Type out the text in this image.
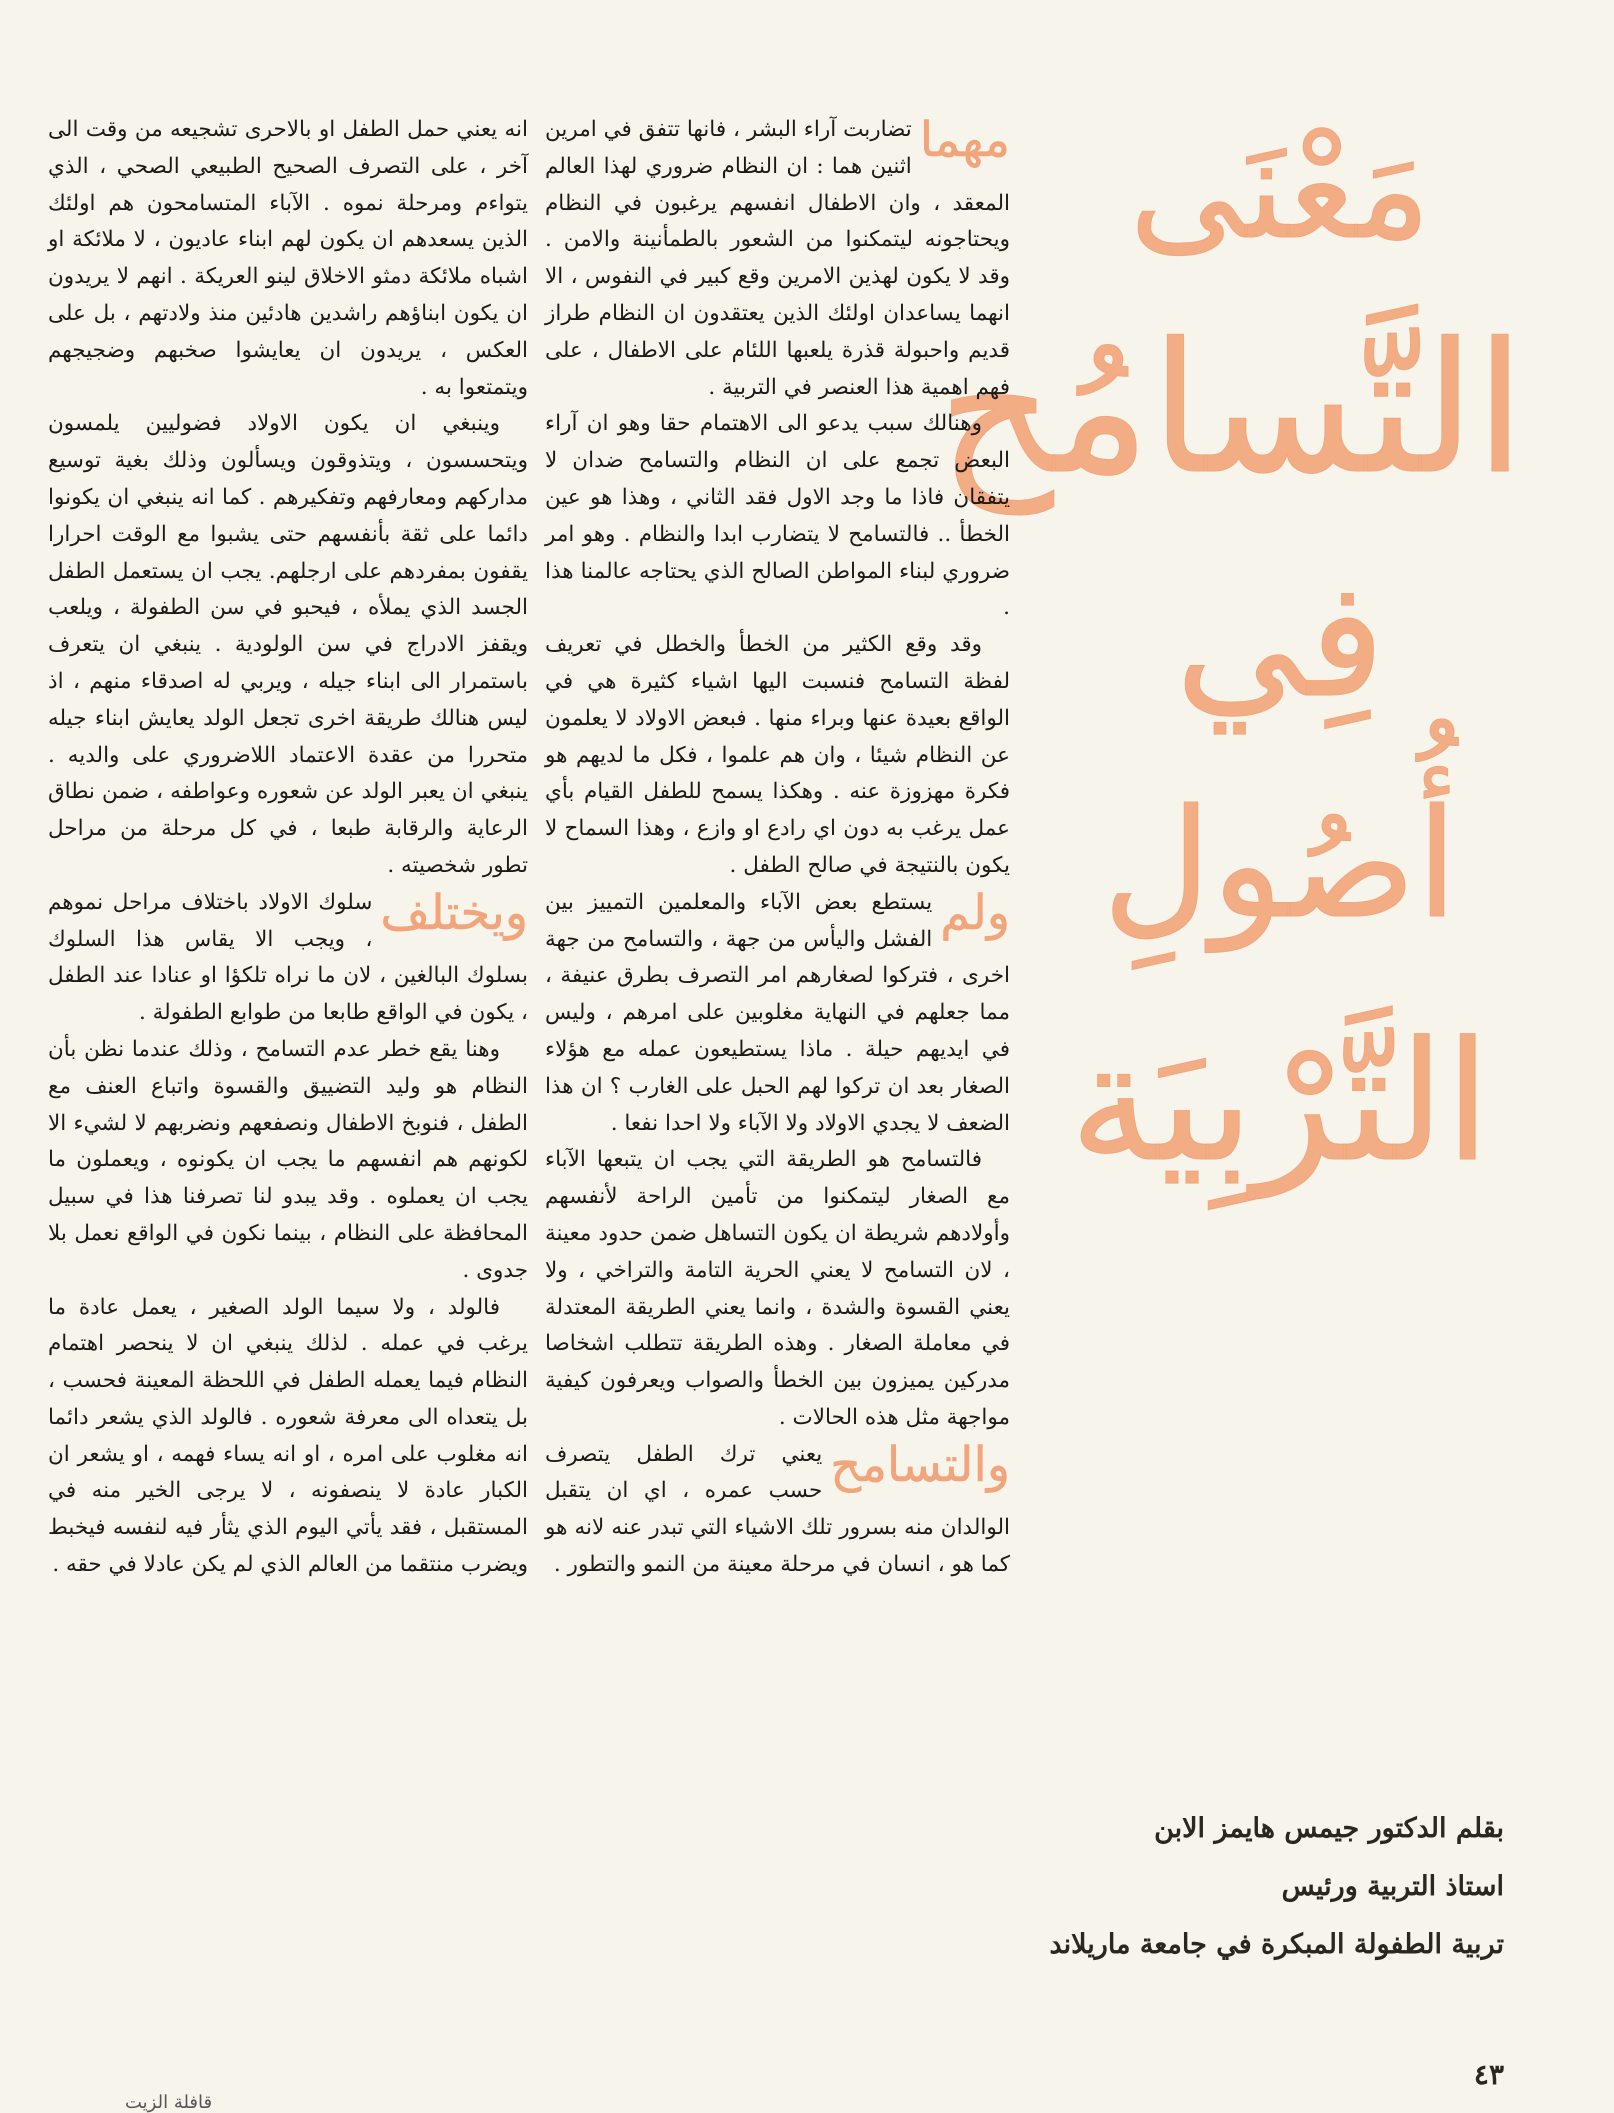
مَعْنَى
التَّسامُح
فِي
أُصُولِ
التَّرْبِيَة
بقلم الدكتور جيمس هايمز الابن
استاذ التربية ورئيس
تربية الطفولة المبكرة في جامعة ماريلاند

مهما
تضاربت آراء البشر ، فانها تتفق في امرين اثنين هما : ان النظام ضروري لهذا العالم المعقد ، وان الاطفال انفسهم يرغبون في النظام ويحتاجونه ليتمكنوا من الشعور بالطمأنينة والامن . وقد لا يكون لهذين الامرين وقع كبير في النفوس ، الا انهما يساعدان اولئك الذين يعتقدون ان النظام طراز قديم واحبولة قذرة يلعبها اللئام على الاطفال ، على فهم اهمية هذا العنصر في التربية .

وهنالك سبب يدعو الى الاهتمام حقا وهو ان آراء البعض تجمع على ان النظام والتسامح ضدان لا يتفقان فاذا ما وجد الاول فقد الثاني ، وهذا هو عين الخطأ .. فالتسامح لا يتضارب ابدا والنظام . وهو امر ضروري لبناء المواطن الصالح الذي يحتاجه عالمنا هذا .

وقد وقع الكثير من الخطأ والخطل في تعريف لفظة التسامح فنسبت اليها اشياء كثيرة هي في الواقع بعيدة عنها وبراء منها . فبعض الاولاد لا يعلمون عن النظام شيئا ، وان هم علموا ، فكل ما لديهم هو فكرة مهزوزة عنه . وهكذا يسمح للطفل القيام بأي عمل يرغب به دون اي رادع او وازع ، وهذا السماح لا يكون بالنتيجة في صالح الطفل .

ولم
يستطع بعض الآباء والمعلمين التمييز بين الفشل واليأس من جهة ، والتسامح من جهة اخرى ، فتركوا لصغارهم امر التصرف بطرق عنيفة ، مما جعلهم في النهاية مغلوبين على امرهم ، وليس في ايديهم حيلة . ماذا يستطيعون عمله مع هؤلاء الصغار بعد ان تركوا لهم الحبل على الغارب ؟ ان هذا الضعف لا يجدي الاولاد ولا الآباء ولا احدا نفعا .

فالتسامح هو الطريقة التي يجب ان يتبعها الآباء مع الصغار ليتمكنوا من تأمين الراحة لأنفسهم وأولادهم شريطة ان يكون التساهل ضمن حدود معينة ، لان التسامح لا يعني الحرية التامة والتراخي ، ولا يعني القسوة والشدة ، وانما يعني الطريقة المعتدلة في معاملة الصغار . وهذه الطريقة تتطلب اشخاصا مدركين يميزون بين الخطأ والصواب ويعرفون كيفية مواجهة مثل هذه الحالات .

والتسامح
يعني ترك الطفل يتصرف حسب عمره ، اي ان يتقبل الوالدان منه بسرور تلك الاشياء التي تبدر عنه لانه هو كما هو ، انسان في مرحلة معينة من النمو والتطور .

انه يعني حمل الطفل او بالاحرى تشجيعه من وقت الى آخر ، على التصرف الصحيح الطبيعي الصحي ، الذي يتواءم ومرحلة نموه . الآباء المتسامحون هم اولئك الذين يسعدهم ان يكون لهم ابناء عاديون ، لا ملائكة او اشباه ملائكة دمثو الاخلاق لينو العريكة . انهم لا يريدون ان يكون ابناؤهم راشدين هادئين منذ ولادتهم ، بل على العكس ، يريدون ان يعايشوا صخبهم وضجيجهم ويتمتعوا به .

وينبغي ان يكون الاولاد فضوليين يلمسون ويتحسسون ، ويتذوقون ويسألون وذلك بغية توسيع مداركهم ومعارفهم وتفكيرهم . كما انه ينبغي ان يكونوا دائما على ثقة بأنفسهم حتى يشبوا مع الوقت احرارا يقفون بمفردهم على ارجلهم. يجب ان يستعمل الطفل الجسد الذي يملأه ، فيحبو في سن الطفولة ، ويلعب ويقفز الادراج في سن الولودية . ينبغي ان يتعرف باستمرار الى ابناء جيله ، ويربي له اصدقاء منهم ، اذ ليس هنالك طريقة اخرى تجعل الولد يعايش ابناء جيله متحررا من عقدة الاعتماد اللاضروري على والديه . ينبغي ان يعبر الولد عن شعوره وعواطفه ، ضمن نطاق الرعاية والرقابة طبعا ، في كل مرحلة من مراحل تطور شخصيته .

ويختلف
سلوك الاولاد باختلاف مراحل نموهم ، ويجب الا يقاس هذا السلوك بسلوك البالغين ، لان ما نراه تلكؤا او عنادا عند الطفل ، يكون في الواقع طابعا من طوابع الطفولة .

وهنا يقع خطر عدم التسامح ، وذلك عندما نظن بأن النظام هو وليد التضييق والقسوة واتباع العنف مع الطفل ، فنوبخ الاطفال ونصفعهم ونضربهم لا لشيء الا لكونهم هم انفسهم ما يجب ان يكونوه ، ويعملون ما يجب ان يعملوه . وقد يبدو لنا تصرفنا هذا في سبيل المحافظة على النظام ، بينما نكون في الواقع نعمل بلا جدوى .

فالولد ، ولا سيما الولد الصغير ، يعمل عادة ما يرغب في عمله . لذلك ينبغي ان لا ينحصر اهتمام النظام فيما يعمله الطفل في اللحظة المعينة فحسب ، بل يتعداه الى معرفة شعوره . فالولد الذي يشعر دائما انه مغلوب على امره ، او انه يساء فهمه ، او يشعر ان الكبار عادة لا ينصفونه ، لا يرجى الخير منه في المستقبل ، فقد يأتي اليوم الذي يثأر فيه لنفسه فيخبط ويضرب منتقما من العالم الذي لم يكن عادلا في حقه .

٤٣
قافلة الزيت
